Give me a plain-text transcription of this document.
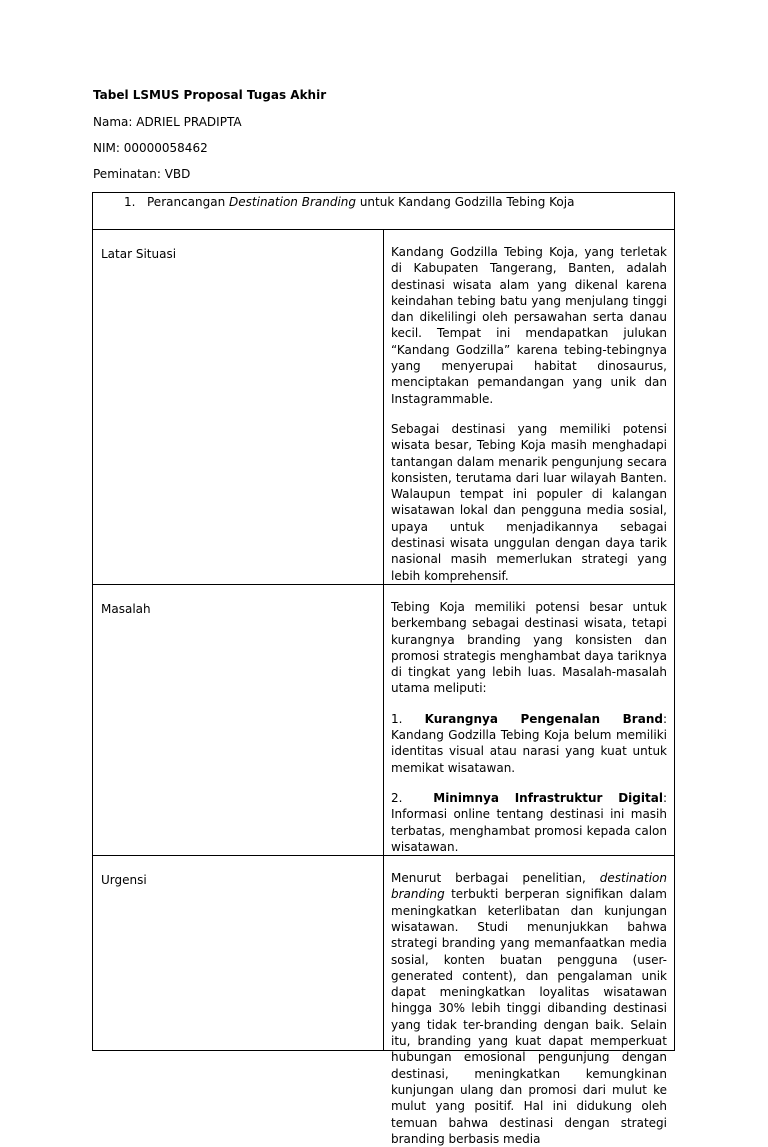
Tabel LSMUS Proposal Tugas Akhir
Nama: ADRIEL PRADIPTA
NIM: 00000058462
Peminatan: VBD
1. Perancangan Destination Branding untuk Kandang Godzilla Tebing Koja	

Latar Situasi	Kandang Godzilla Tebing Koja, yang terletak di Kabupaten Tangerang, Banten, adalah destinasi wisata alam yang dikenal karena keindahan tebing batu yang menjulang tinggi dan dikelilingi oleh persawahan serta danau kecil. Tempat ini mendapatkan julukan “Kandang Godzilla” karena tebing-tebingnya yang menyerupai habitat dinosaurus, menciptakan pemandangan yang unik dan Instagrammable.

Sebagai destinasi yang memiliki potensi wisata besar, Tebing Koja masih menghadapi tantangan dalam menarik pengunjung secara konsisten, terutama dari luar wilayah Banten. Walaupun tempat ini populer di kalangan wisatawan lokal dan pengguna media sosial, upaya untuk menjadikannya sebagai destinasi wisata unggulan dengan daya tarik nasional masih memerlukan strategi yang lebih komprehensif.

Masalah	Tebing Koja memiliki potensi besar untuk berkembang sebagai destinasi wisata, tetapi kurangnya branding yang konsisten dan promosi strategis menghambat daya tariknya di tingkat yang lebih luas. Masalah-masalah utama meliputi:

1. Kurangnya Pengenalan Brand: Kandang Godzilla Tebing Koja belum memiliki identitas visual atau narasi yang kuat untuk memikat wisatawan.

2.  Minimnya Infrastruktur Digital: Informasi online tentang destinasi ini masih terbatas, menghambat promosi kepada calon wisatawan.

Urgensi	Menurut berbagai penelitian, destination branding terbukti berperan signifikan dalam meningkatkan keterlibatan dan kunjungan wisatawan. Studi menunjukkan bahwa strategi branding yang memanfaatkan media sosial, konten buatan pengguna (user-generated content), dan pengalaman unik dapat meningkatkan loyalitas wisatawan hingga 30% lebih tinggi dibanding destinasi yang tidak ter-branding dengan baik. Selain itu, branding yang kuat dapat memperkuat hubungan emosional pengunjung dengan destinasi, meningkatkan kemungkinan kunjungan ulang dan promosi dari mulut ke mulut yang positif. Hal ini didukung oleh temuan bahwa destinasi dengan strategi branding berbasis media
